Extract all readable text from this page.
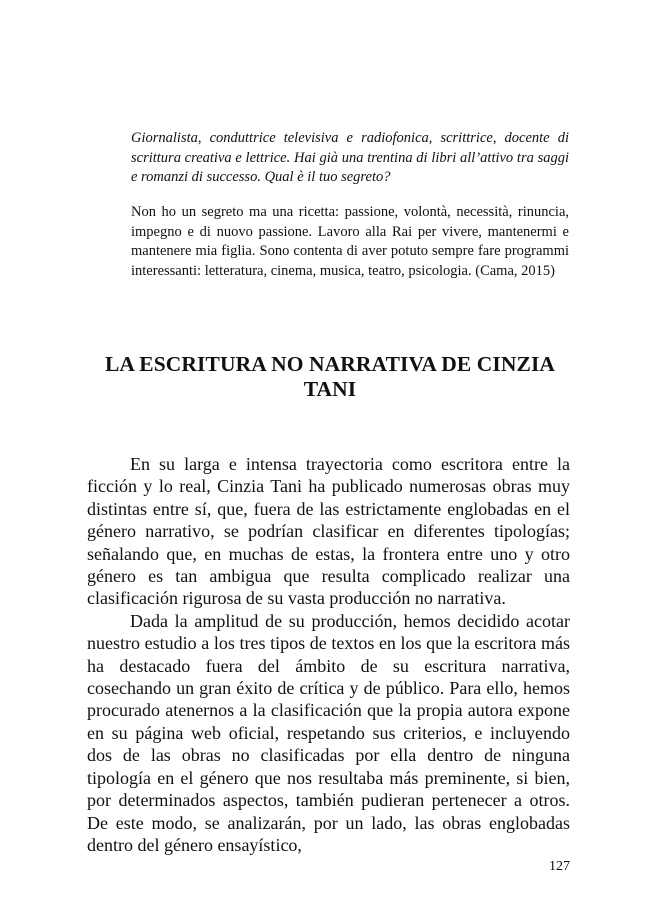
Giornalista, conduttrice televisiva e radiofonica, scrittrice, docente di scrittura creativa e lettrice. Hai già una trentina di libri all’attivo tra saggi e romanzi di successo. Qual è il tuo segreto?

Non ho un segreto ma una ricetta: passione, volontà, necessità, rinuncia, impegno e di nuovo passione. Lavoro alla Rai per vivere, mantenermi e mantenere mia figlia. Sono contenta di aver potuto sempre fare programmi interessanti: letteratura, cinema, musica, teatro, psicologia. (Cama, 2015)

LA ESCRITURA NO NARRATIVA DE CINZIA TANI

En su larga e intensa trayectoria como escritora entre la ficción y lo real, Cinzia Tani ha publicado numerosas obras muy distintas entre sí, que, fuera de las estrictamente englobadas en el género narrativo, se podrían clasificar en diferentes tipologías; señalando que, en muchas de estas, la frontera entre uno y otro género es tan ambigua que resulta complicado realizar una clasificación rigurosa de su vasta producción no narrativa.

Dada la amplitud de su producción, hemos decidido acotar nuestro estudio a los tres tipos de textos en los que la escritora más ha destacado fuera del ámbito de su escritura narrativa, cosechando un gran éxito de crítica y de público. Para ello, hemos procurado atenernos a la clasificación que la propia autora expone en su página web oficial, respetando sus criterios, e incluyendo dos de las obras no clasificadas por ella dentro de ninguna tipología en el género que nos resultaba más preminente, si bien, por determinados aspectos, también pudieran pertenecer a otros. De este modo, se analizarán, por un lado, las obras englobadas dentro del género ensayístico,

127
